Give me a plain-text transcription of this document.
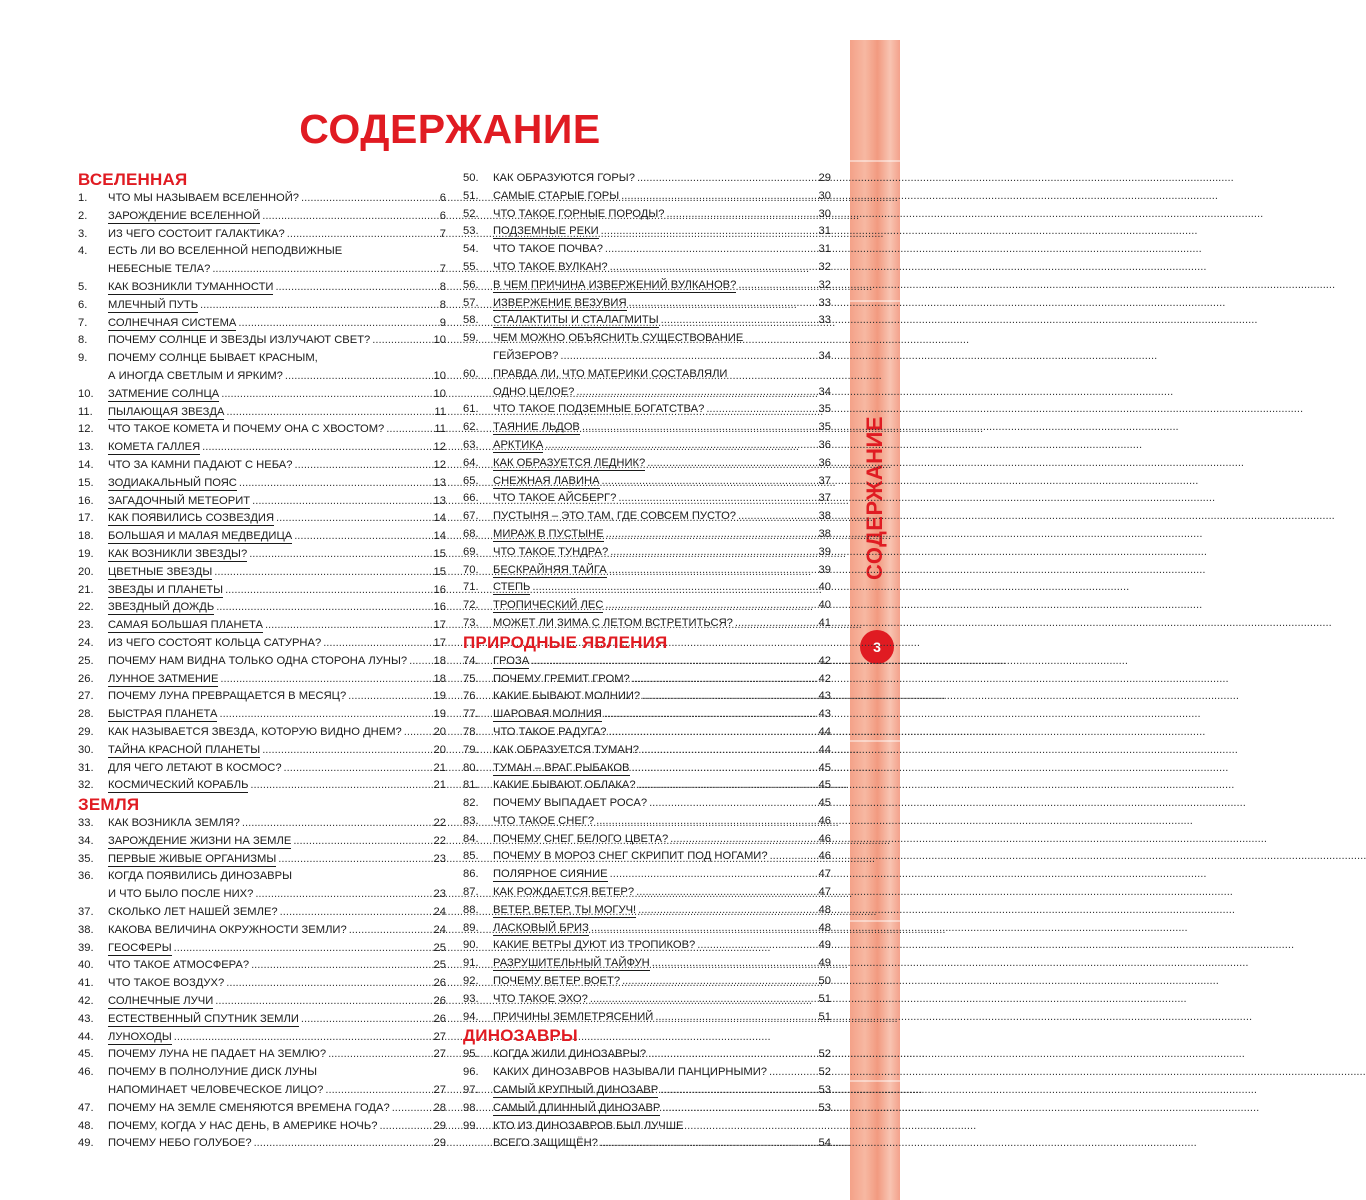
СОДЕРЖАНИЕ
3
СОДЕРЖАНИЕ
ВСЕЛЕННАЯ
1.	ЧТО МЫ НАЗЫВАЕМ ВСЕЛЕННОЙ? .....	6
2.	ЗАРОЖДЕНИЕ ВСЕЛЕННОЙ .....	6
3.	ИЗ ЧЕГО СОСТОИТ ГАЛАКТИКА? .....	7
4.	ЕСТЬ ЛИ ВО ВСЕЛЕННОЙ НЕПОДВИЖНЫЕ
НЕБЕСНЫЕ ТЕЛА? .....	7
5.	КАК ВОЗНИКЛИ ТУМАННОСТИ .....	8
6.	МЛЕЧНЫЙ ПУТЬ .....	8
7.	СОЛНЕЧНАЯ СИСТЕМА .....	9
8.	ПОЧЕМУ СОЛНЦЕ И ЗВЕЗДЫ ИЗЛУЧАЮТ СВЕТ? .....	10
9.	ПОЧЕМУ СОЛНЦЕ БЫВАЕТ КРАСНЫМ,
А ИНОГДА СВЕТЛЫМ И ЯРКИМ? .....	10
10.	ЗАТМЕНИЕ СОЛНЦА .....	10
11.	ПЫЛАЮЩАЯ ЗВЕЗДА .....	11
12.	ЧТО ТАКОЕ КОМЕТА И ПОЧЕМУ ОНА С ХВОСТОМ? .....	11
13.	КОМЕТА ГАЛЛЕЯ .....	12
14.	ЧТО ЗА КАМНИ ПАДАЮТ С НЕБА? .....	12
15.	ЗОДИАКАЛЬНЫЙ ПОЯС .....	13
16.	ЗАГАДОЧНЫЙ МЕТЕОРИТ .....	13
17.	КАК ПОЯВИЛИСЬ СОЗВЕЗДИЯ .....	14
18.	БОЛЬШАЯ И МАЛАЯ МЕДВЕДИЦА .....	14
19.	КАК ВОЗНИКЛИ ЗВЕЗДЫ? .....	15
20.	ЦВЕТНЫЕ ЗВЕЗДЫ .....	15
21.	ЗВЕЗДЫ И ПЛАНЕТЫ .....	16
22.	ЗВЕЗДНЫЙ ДОЖДЬ .....	16
23.	САМАЯ БОЛЬШАЯ ПЛАНЕТА .....	17
24.	ИЗ ЧЕГО СОСТОЯТ КОЛЬЦА САТУРНА? .....	17
25.	ПОЧЕМУ НАМ ВИДНА ТОЛЬКО ОДНА СТОРОНА ЛУНЫ? ..... 18
26.	ЛУННОЕ ЗАТМЕНИЕ .....	18
27.	ПОЧЕМУ ЛУНА ПРЕВРАЩАЕТСЯ В МЕСЯЦ? .....	19
28.	БЫСТРАЯ ПЛАНЕТА .....	19
29.	КАК НАЗЫВАЕТСЯ ЗВЕЗДА, КОТОРУЮ ВИДНО ДНЕМ? .....	20
30.	ТАЙНА КРАСНОЙ ПЛАНЕТЫ .....	20
31.	ДЛЯ ЧЕГО ЛЕТАЮТ В КОСМОС? .....	21
32.	КОСМИЧЕСКИЙ КОРАБЛЬ .....	21
ЗЕМЛЯ
33.	КАК ВОЗНИКЛА ЗЕМЛЯ? .....	22
34.	ЗАРОЖДЕНИЕ ЖИЗНИ НА ЗЕМЛЕ .....	22
35.	ПЕРВЫЕ ЖИВЫЕ ОРГАНИЗМЫ .....	23
36.	КОГДА ПОЯВИЛИСЬ ДИНОЗАВРЫ
И ЧТО БЫЛО ПОСЛЕ НИХ? .....	23
37.	СКОЛЬКО ЛЕТ НАШЕЙ ЗЕМЛЕ? .....	24
38.	КАКОВА ВЕЛИЧИНА ОКРУЖНОСТИ ЗЕМЛИ? .....	24
39.	ГЕОСФЕРЫ .....	25
40.	ЧТО ТАКОЕ АТМОСФЕРА? .....	25
41.	ЧТО ТАКОЕ ВОЗДУХ? .....	26
42.	СОЛНЕЧНЫЕ ЛУЧИ .....	26
43.	ЕСТЕСТВЕННЫЙ СПУТНИК ЗЕМЛИ .....	26
44.	ЛУНОХОДЫ .....	27
45.	ПОЧЕМУ ЛУНА НЕ ПАДАЕТ НА ЗЕМЛЮ? .....	27
46.	ПОЧЕМУ В ПОЛНОЛУНИЕ ДИСК ЛУНЫ
НАПОМИНАЕТ ЧЕЛОВЕЧЕСКОЕ ЛИЦО? .....	27
47.	ПОЧЕМУ НА ЗЕМЛЕ СМЕНЯЮТСЯ ВРЕМЕНА ГОДА? .....	28
48.	ПОЧЕМУ, КОГДА У НАС ДЕНЬ, В АМЕРИКЕ НОЧЬ? .....	29
49.	ПОЧЕМУ НЕБО ГОЛУБОЕ? .....	29
50.	КАК ОБРАЗУЮТСЯ ГОРЫ? .....	29
51.	САМЫЕ СТАРЫЕ ГОРЫ .....	30
52.	ЧТО ТАКОЕ ГОРНЫЕ ПОРОДЫ? .....	30
53.	ПОДЗЕМНЫЕ РЕКИ .....	31
54.	ЧТО ТАКОЕ ПОЧВА? .....	31
55.	ЧТО ТАКОЕ ВУЛКАН? .....	32
56.	В ЧЕМ ПРИЧИНА ИЗВЕРЖЕНИЙ ВУЛКАНОВ? .....	32
57.	ИЗВЕРЖЕНИЕ ВЕЗУВИЯ .....	33
58.	СТАЛАКТИТЫ И СТАЛАГМИТЫ .....	33
59.	ЧЕМ МОЖНО ОБЪЯСНИТЬ СУЩЕСТВОВАНИЕ
ГЕЙЗЕРОВ? .....	34
60.	ПРАВДА ЛИ, ЧТО МАТЕРИКИ СОСТАВЛЯЛИ
ОДНО ЦЕЛОЕ? .....	34
61.	ЧТО ТАКОЕ ПОДЗЕМНЫЕ БОГАТСТВА? .....	35
62.	ТАЯНИЕ ЛЬДОВ .....	35
63.	АРКТИКА .....	36
64.	КАК ОБРАЗУЕТСЯ ЛЕДНИК? .....	36
65.	СНЕЖНАЯ ЛАВИНА .....	37
66.	ЧТО ТАКОЕ АЙСБЕРГ? .....	37
67.	ПУСТЫНЯ – ЭТО ТАМ, ГДЕ СОВСЕМ ПУСТО? .....	38
68.	МИРАЖ В ПУСТЫНЕ .....	38
69.	ЧТО ТАКОЕ ТУНДРА? .....	39
70.	БЕСКРАЙНЯЯ ТАЙГА .....	39
71.	СТЕПЬ .....	40
72.	ТРОПИЧЕСКИЙ ЛЕС .....	40
73.	МОЖЕТ ЛИ ЗИМА С ЛЕТОМ ВСТРЕТИТЬСЯ? .....	41
ПРИРОДНЫЕ ЯВЛЕНИЯ
74.	ГРОЗА .....	42
75.	ПОЧЕМУ ГРЕМИТ ГРОМ? .....	42
76.	КАКИЕ БЫВАЮТ МОЛНИИ? .....	43
77.	ШАРОВАЯ МОЛНИЯ .....	43
78.	ЧТО ТАКОЕ РАДУГА? .....	44
79.	КАК ОБРАЗУЕТСЯ ТУМАН? .....	44
80.	ТУМАН – ВРАГ РЫБАКОВ .....	45
81.	КАКИЕ БЫВАЮТ ОБЛАКА? .....	45
82.	ПОЧЕМУ ВЫПАДАЕТ РОСА? .....	45
83.	ЧТО ТАКОЕ СНЕГ? .....	46
84.	ПОЧЕМУ СНЕГ БЕЛОГО ЦВЕТА? .....	46
85.	ПОЧЕМУ В МОРОЗ СНЕГ СКРИПИТ ПОД НОГАМИ? .....	46
86.	ПОЛЯРНОЕ СИЯНИЕ .....	47
87.	КАК РОЖДАЕТСЯ ВЕТЕР? .....	47
88.	ВЕТЕР, ВЕТЕР, ТЫ МОГУЧ! .....	48
89.	ЛАСКОВЫЙ БРИЗ .....	48
90.	КАКИЕ ВЕТРЫ ДУЮТ ИЗ ТРОПИКОВ? .....	49
91.	РАЗРУШИТЕЛЬНЫЙ ТАЙФУН .....	49
92.	ПОЧЕМУ ВЕТЕР ВОЕТ? .....	50
93.	ЧТО ТАКОЕ ЭХО? .....	51
94.	ПРИЧИНЫ ЗЕМЛЕТРЯСЕНИЙ .....	51
ДИНОЗАВРЫ
95.	КОГДА ЖИЛИ ДИНОЗАВРЫ? .....	52
96.	КАКИХ ДИНОЗАВРОВ НАЗЫВАЛИ ПАНЦИРНЫМИ? .....	52
97.	САМЫЙ КРУПНЫЙ ДИНОЗАВР .....	53
98.	САМЫЙ ДЛИННЫЙ ДИНОЗАВР .....	53
99.	КТО ИЗ ДИНОЗАВРОВ БЫЛ ЛУЧШЕ
ВСЕГО ЗАЩИЩЁН? .....	54
